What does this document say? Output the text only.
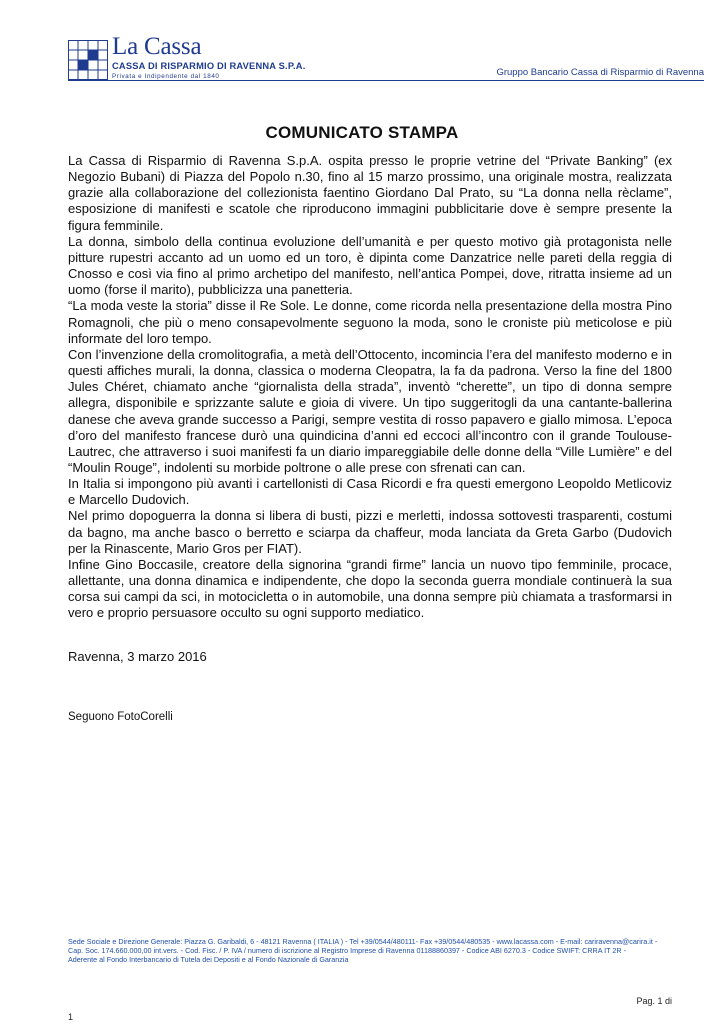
La Cassa
CASSA DI RISPARMIO DI RAVENNA S.P.A.
Privata e Indipendente dal 1840	Gruppo Bancario Cassa di Risparmio di Ravenna
COMUNICATO STAMPA

La Cassa di Risparmio di Ravenna S.p.A. ospita presso le proprie vetrine del “Private Banking” (ex Negozio Bubani) di Piazza del Popolo n.30, fino al 15 marzo prossimo, una originale mostra, realizzata grazie alla collaborazione del collezionista faentino Giordano Dal Prato, su “La donna nella rèclame”, esposizione di manifesti e scatole che riproducono immagini pubblicitarie dove è sempre presente la figura femminile.

La donna, simbolo della continua evoluzione dell’umanità e per questo motivo già protagonista nelle pitture rupestri accanto ad un uomo ed un toro, è dipinta come Danzatrice nelle pareti della reggia di Cnosso e così via fino al primo archetipo del manifesto, nell’antica Pompei, dove, ritratta insieme ad un uomo (forse il marito), pubblicizza una panetteria.

“La moda veste la storia” disse il Re Sole. Le donne, come ricorda nella presentazione della mostra Pino Romagnoli, che più o meno consapevolmente seguono la moda, sono le croniste più meticolose e più informate del loro tempo.

Con l’invenzione della cromolitografia, a metà dell’Ottocento, incomincia l’era del manifesto moderno e in questi affiches murali, la donna, classica o moderna Cleopatra, la fa da padrona. Verso la fine del 1800 Jules Chéret, chiamato anche “giornalista della strada”, inventò “cherette”, un tipo di donna sempre allegra, disponibile e sprizzante salute e gioia di vivere. Un tipo suggeritogli da una cantante-ballerina danese che aveva grande successo a Parigi, sempre vestita di rosso papavero e giallo mimosa. L’epoca d’oro del manifesto francese durò una quindicina d’anni ed eccoci all’incontro con il grande Toulouse-Lautrec, che attraverso i suoi manifesti fa un diario impareggiabile delle donne della “Ville Lumière” e del “Moulin Rouge”, indolenti su morbide poltrone o alle prese con sfrenati can can.

In Italia si impongono più avanti i cartellonisti di Casa Ricordi e fra questi emergono Leopoldo Metlicoviz e Marcello Dudovich.

Nel primo dopoguerra la donna si libera di busti, pizzi e merletti, indossa sottovesti trasparenti, costumi da bagno, ma anche basco o berretto e sciarpa da chaffeur, moda lanciata da Greta Garbo (Dudovich per la Rinascente, Mario Gros per FIAT).

Infine Gino Boccasile, creatore della signorina “grandi firme” lancia un nuovo tipo femminile, procace, allettante, una donna dinamica e indipendente, che dopo la seconda guerra mondiale continuerà la sua corsa sui campi da sci, in motocicletta o in automobile, una donna sempre più chiamata a trasformarsi in vero e proprio persuasore occulto su ogni supporto mediatico.

Ravenna, 3 marzo 2016
Seguono FotoCorelli
Sede Sociale e Direzione Generale: Piazza G. Garibaldi, 6 - 48121 Ravenna ( ITALIA ) - Tel +39/0544/480111- Fax +39/0544/480535 - www.lacassa.com - E-mail: cariravenna@carira.it -
Cap. Soc. 174.660.000,00 int.vers. - Cod. Fisc. / P. IVA / numero di iscrizione al Registro Imprese di Ravenna 01188860397 - Codice ABI 6270.3 - Codice SWIFT: CRRA IT 2R -
Aderente al Fondo Interbancario di Tutela dei Depositi e al Fondo Nazionale di Garanzia
Pag. 1 di
1
